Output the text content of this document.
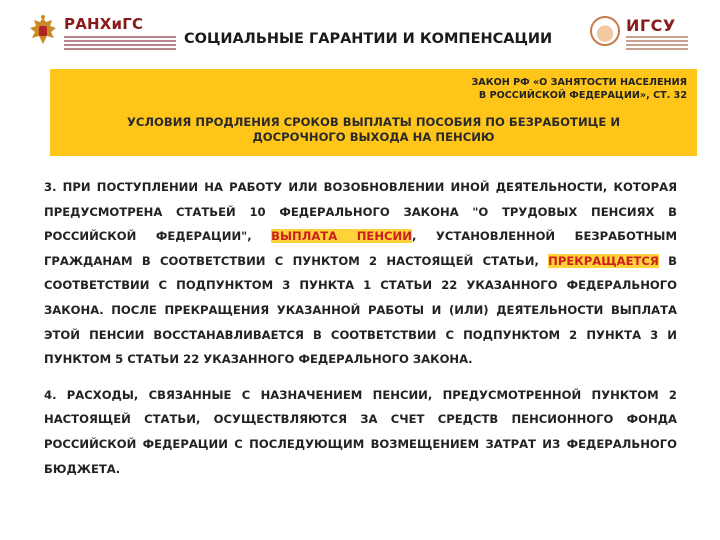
РАНХиГС
СОЦИАЛЬНЫЕ ГАРАНТИИ И КОМПЕНСАЦИИ
ИГСУ
ЗАКОН РФ «О ЗАНЯТОСТИ НАСЕЛЕНИЯ
В РОССИЙСКОЙ ФЕДЕРАЦИИ», СТ. 32
УСЛОВИЯ ПРОДЛЕНИЯ СРОКОВ ВЫПЛАТЫ ПОСОБИЯ ПО БЕЗРАБОТИЦЕ И
ДОСРОЧНОГО ВЫХОДА НА ПЕНСИЮ

3. ПРИ ПОСТУПЛЕНИИ НА РАБОТУ ИЛИ ВОЗОБНОВЛЕНИИ ИНОЙ ДЕЯТЕЛЬНОСТИ, КОТОРАЯ ПРЕДУСМОТРЕНА СТАТЬЕЙ 10 ФЕДЕРАЛЬНОГО ЗАКОНА "О ТРУДОВЫХ ПЕНСИЯХ В РОССИЙСКОЙ ФЕДЕРАЦИИ", ВЫПЛАТА ПЕНСИИ, УСТАНОВЛЕННОЙ БЕЗРАБОТНЫМ ГРАЖДАНАМ В СООТВЕТСТВИИ С ПУНКТОМ 2 НАСТОЯЩЕЙ СТАТЬИ, ПРЕКРАЩАЕТСЯ В СООТВЕТСТВИИ С ПОДПУНКТОМ 3 ПУНКТА 1 СТАТЬИ 22 УКАЗАННОГО ФЕДЕРАЛЬНОГО ЗАКОНА. ПОСЛЕ ПРЕКРАЩЕНИЯ УКАЗАННОЙ РАБОТЫ И (ИЛИ) ДЕЯТЕЛЬНОСТИ ВЫПЛАТА ЭТОЙ ПЕНСИИ ВОССТАНАВЛИВАЕТСЯ В СООТВЕТСТВИИ С ПОДПУНКТОМ 2 ПУНКТА 3 И ПУНКТОМ 5 СТАТЬИ 22 УКАЗАННОГО ФЕДЕРАЛЬНОГО ЗАКОНА.

4. РАСХОДЫ, СВЯЗАННЫЕ С НАЗНАЧЕНИЕМ ПЕНСИИ, ПРЕДУСМОТРЕННОЙ ПУНКТОМ 2 НАСТОЯЩЕЙ СТАТЬИ, ОСУЩЕСТВЛЯЮТСЯ ЗА СЧЕТ СРЕДСТВ ПЕНСИОННОГО ФОНДА РОССИЙСКОЙ ФЕДЕРАЦИИ С ПОСЛЕДУЮЩИМ ВОЗМЕЩЕНИЕМ ЗАТРАТ ИЗ ФЕДЕРАЛЬНОГО БЮДЖЕТА.
